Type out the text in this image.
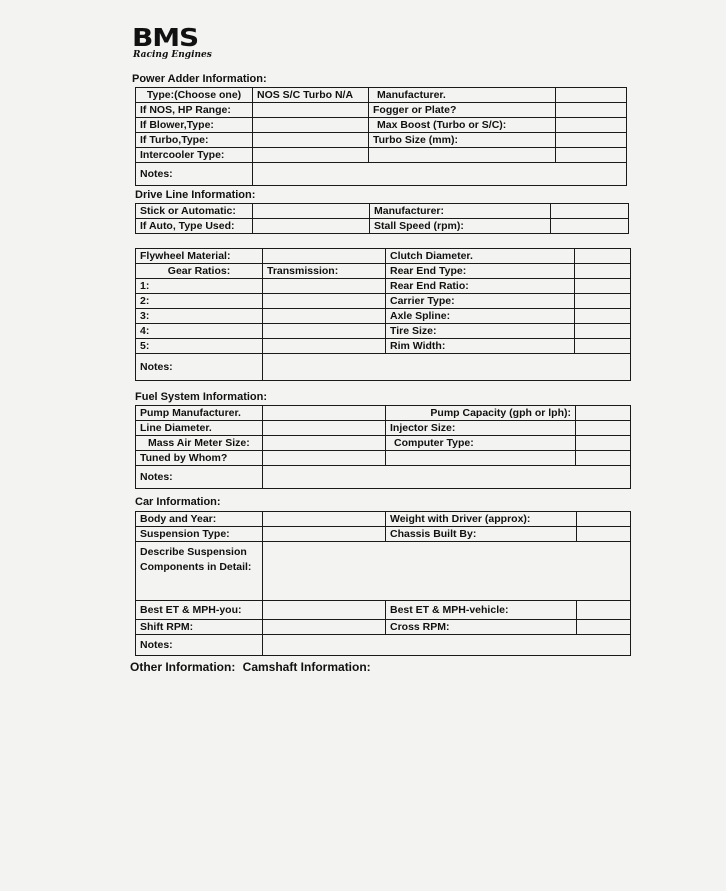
BMS
Racing Engines
Power Adder Information:
Type:(Choose one)	NOS S/C Turbo N/A	Manufacturer.	
If NOS, HP Range:		Fogger or Plate?	
If Blower,Type:		Max Boost (Turbo or S/C):	
If Turbo,Type:		Turbo Size (mm):	
Intercooler Type:			
Notes:			
Drive Line Information:
Stick or Automatic:		Manufacturer:	
If Auto, Type Used:		Stall Speed (rpm):	
Flywheel Material:		Clutch Diameter.	
Gear Ratios:	Transmission:	Rear End Type:	
1:		Rear End Ratio:	
2:		Carrier Type:	
3:		Axle Spline:	
4:		Tire Size:	
5:		Rim Width:	
Notes:			
Fuel System Information:
Pump Manufacturer.		Pump Capacity (gph or lph):	
Line Diameter.		Injector Size:	
Mass Air Meter Size:		Computer Type:	
Tuned by Whom?			
Notes:			
Car Information:
Body and Year:		Weight with Driver (approx):	
Suspension Type:		Chassis Built By:	
Describe Suspension Components in Detail:			
Best ET & MPH-you:		Best ET & MPH-vehicle:	
Shift RPM:		Cross RPM:	
Notes:			
Other Information: Camshaft Information:
